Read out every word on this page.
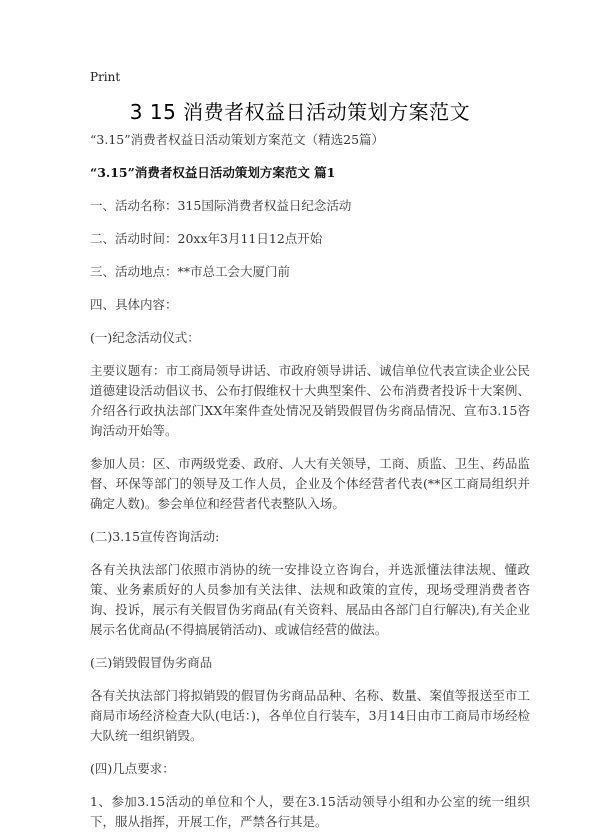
Print
3 15 消费者权益日活动策划方案范文

“3.15”消费者权益日活动策划方案范文（精选25篇）

“3.15”消费者权益日活动策划方案范文 篇1

一、活动名称：315国际消费者权益日纪念活动

二、活动时间：20xx年3月11日12点开始

三、活动地点：**市总工会大厦门前

四、具体内容：

(一)纪念活动仪式：

主要议题有：市工商局领导讲话、市政府领导讲话、诚信单位代表宣读企业公民道德建设活动倡议书、公布打假维权十大典型案件、公布消费者投诉十大案例、介绍各行政执法部门XX年案件查处情况及销毁假冒伪劣商品情况、宣布3.15咨询活动开始等。

参加人员：区、市两级党委、政府、人大有关领导，工商、质监、卫生、药品监督、环保等部门的领导及工作人员，企业及个体经营者代表(**区工商局组织并确定人数)。参会单位和经营者代表整队入场。

(二)3.15宣传咨询活动:

各有关执法部门依照市消协的统一安排设立咨询台，并选派懂法律法规、懂政策、业务素质好的人员参加有关法律、法规和政策的宣传，现场受理消费者咨询、投诉，展示有关假冒伪劣商品(有关资料、展品由各部门自行解决),有关企业展示名优商品(不得搞展销活动)、或诚信经营的做法。

(三)销毁假冒伪劣商品

各有关执法部门将拟销毁的假冒伪劣商品品种、名称、数量、案值等报送至市工商局市场经济检查大队(电话：)，各单位自行装车，3月14日由市工商局市场经检大队统一组织销毁。

(四)几点要求：

1、参加3.15活动的单位和个人，要在3.15活动领导小组和办公室的统一组织下，服从指挥，开展工作，严禁各行其是。
